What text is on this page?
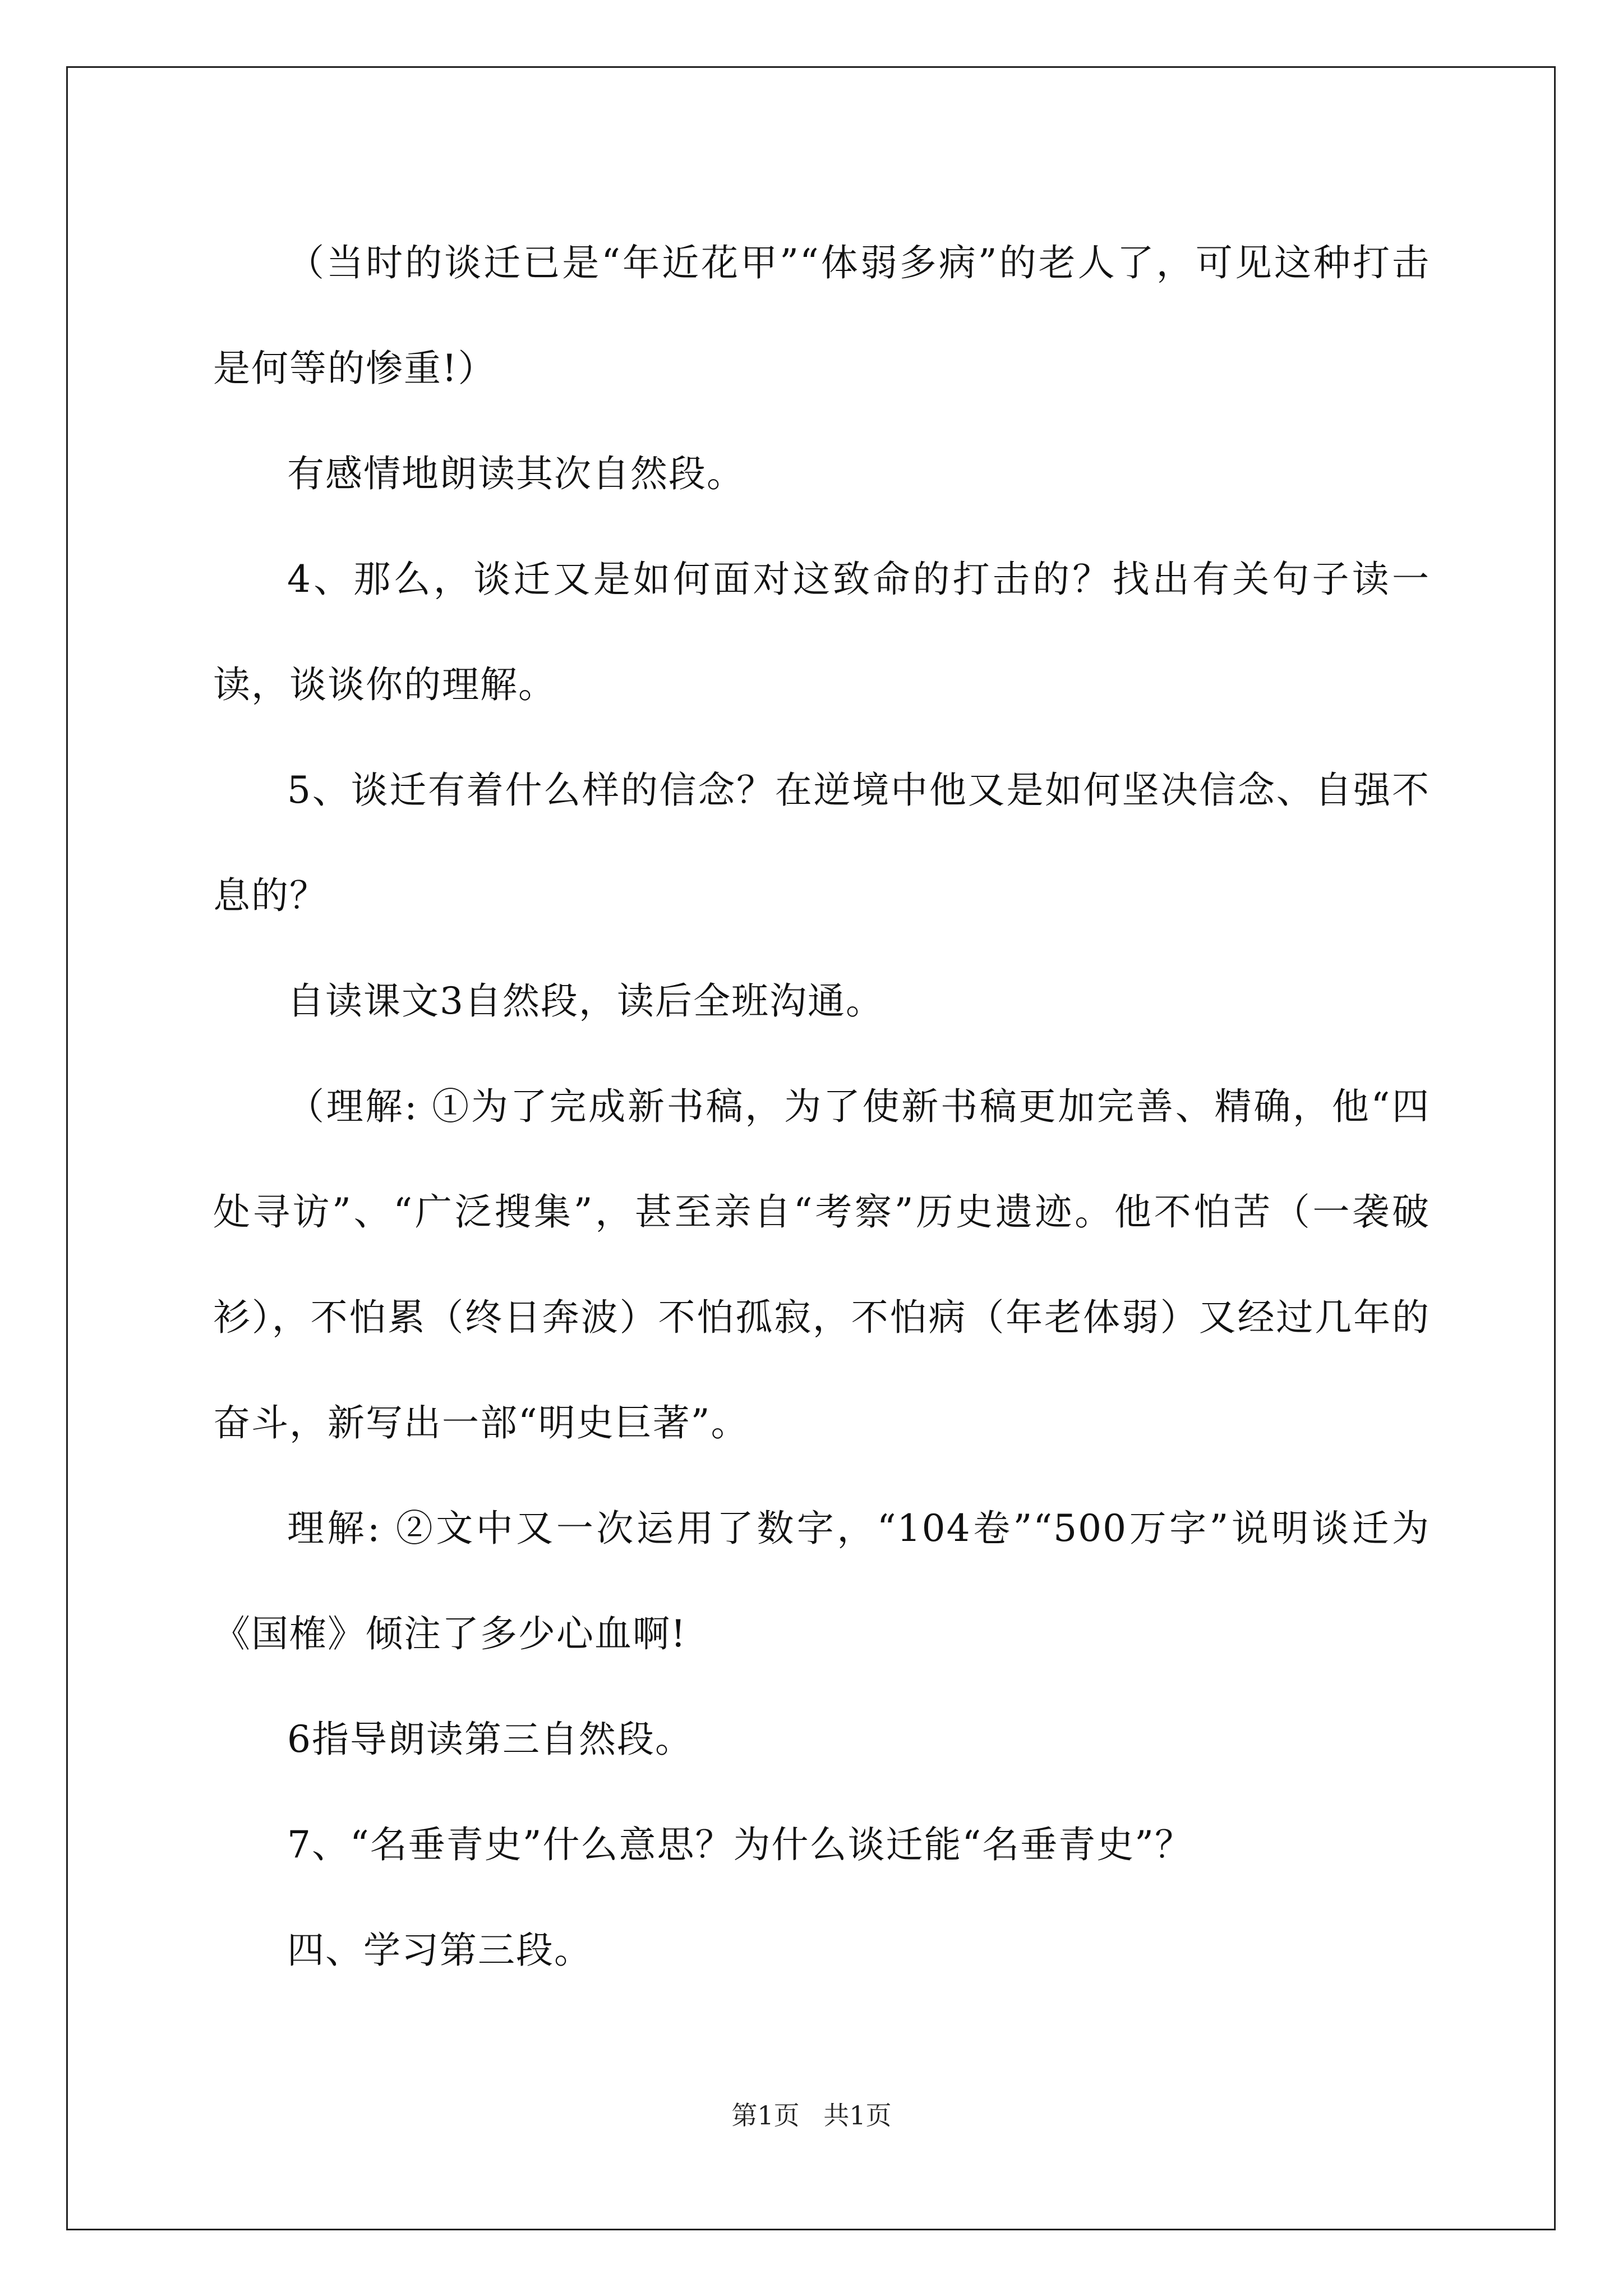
（当时的谈迁已是“年近花甲”“体弱多病”的老人了，可见这种打击是何等的惨重!）

有感情地朗读其次自然段。

4、那么，谈迁又是如何面对这致命的打击的？找出有关句子读一读，谈谈你的理解。

5、谈迁有着什么样的信念？在逆境中他又是如何坚决信念、自强不息的？

自读课文3自然段，读后全班沟通。

（理解: ①为了完成新书稿，为了使新书稿更加完善、精确，他“四处寻访”、“广泛搜集”，甚至亲自“考察”历史遗迹。他不怕苦（一袭破衫），不怕累（终日奔波）不怕孤寂，不怕病（年老体弱）又经过几年的奋斗，新写出一部“明史巨著”。

理解: ②文中又一次运用了数字，“104卷”“500万字”说明谈迁为《国榷》倾注了多少心血啊!

6指导朗读第三自然段。

7、“名垂青史”什么意思？为什么谈迁能“名垂青史”？

四、学习第三段。

第1页 共1页
